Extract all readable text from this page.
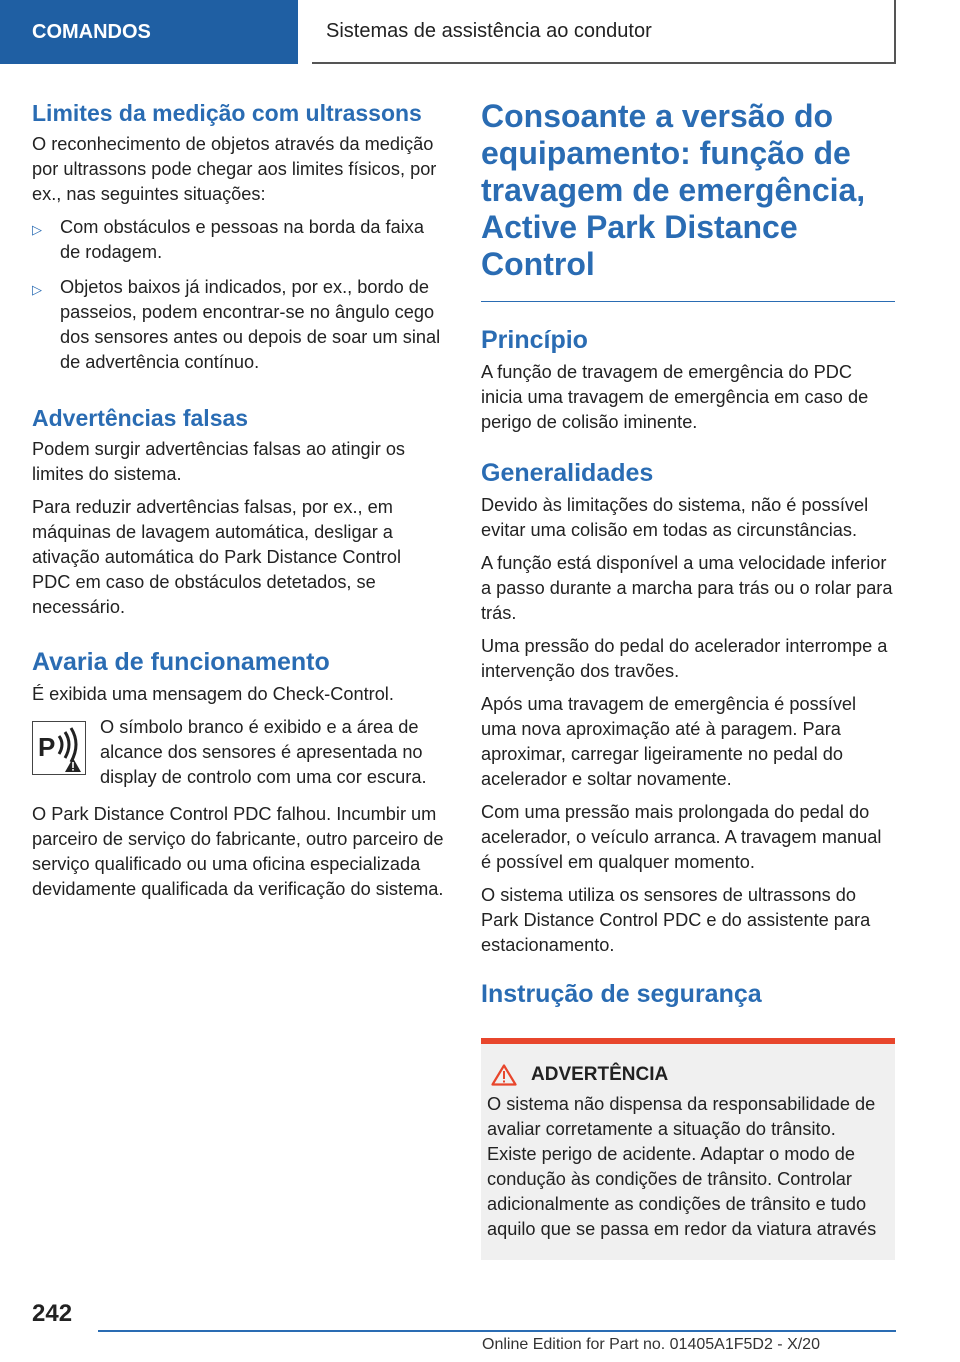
COMANDOS	Sistemas de assistência ao condutor
Limites da medição com ultrassons

O reconhecimento de objetos através da medição por ultrassons pode chegar aos limites físicos, por ex., nas seguintes situações:

▷ Com obstáculos e pessoas na borda da faixa de rodagem.
▷ Objetos baixos já indicados, por ex., bordo de passeios, podem encontrar-se no ângulo cego dos sensores antes ou depois de soar um sinal de advertência contínuo.
Advertências falsas

Podem surgir advertências falsas ao atingir os limites do sistema.

Para reduzir advertências falsas, por ex., em máquinas de lavagem automática, desligar a ativação automática do Park Distance Control PDC em caso de obstáculos detetados, se necessário.

Avaria de funcionamento

É exibida uma mensagem do Check-Control.

P

O símbolo branco é exibido e a área de alcance dos sensores é apresentada no display de controlo com uma cor escura.

O Park Distance Control PDC falhou. Incumbir um parceiro de serviço do fabricante, outro parceiro de serviço qualificado ou uma oficina especializada devidamente qualificada da verificação do sistema.

Consoante a versão do equipamento: função de travagem de emergência, Active Park Distance Control
Princípio

A função de travagem de emergência do PDC inicia uma travagem de emergência em caso de perigo de colisão iminente.

Generalidades

Devido às limitações do sistema, não é possível evitar uma colisão em todas as circunstâncias.

A função está disponível a uma velocidade inferior a passo durante a marcha para trás ou o rolar para trás.

Uma pressão do pedal do acelerador interrompe a intervenção dos travões.

Após uma travagem de emergência é possível uma nova aproximação até à paragem. Para aproximar, carregar ligeiramente no pedal do acelerador e soltar novamente.

Com uma pressão mais prolongada do pedal do acelerador, o veículo arranca. A travagem manual é possível em qualquer momento.

O sistema utiliza os sensores de ultrassons do Park Distance Control PDC e do assistente para estacionamento.

Instrução de segurança
ADVERTÊNCIA

O sistema não dispensa da responsabilidade de avaliar corretamente a situação do trânsito. Existe perigo de acidente. Adaptar o modo de condução às condições de trânsito. Controlar adicionalmente as condições de trânsito e tudo aquilo que se passa em redor da viatura através

242
Online Edition for Part no. 01405A1F5D2 - X/20
